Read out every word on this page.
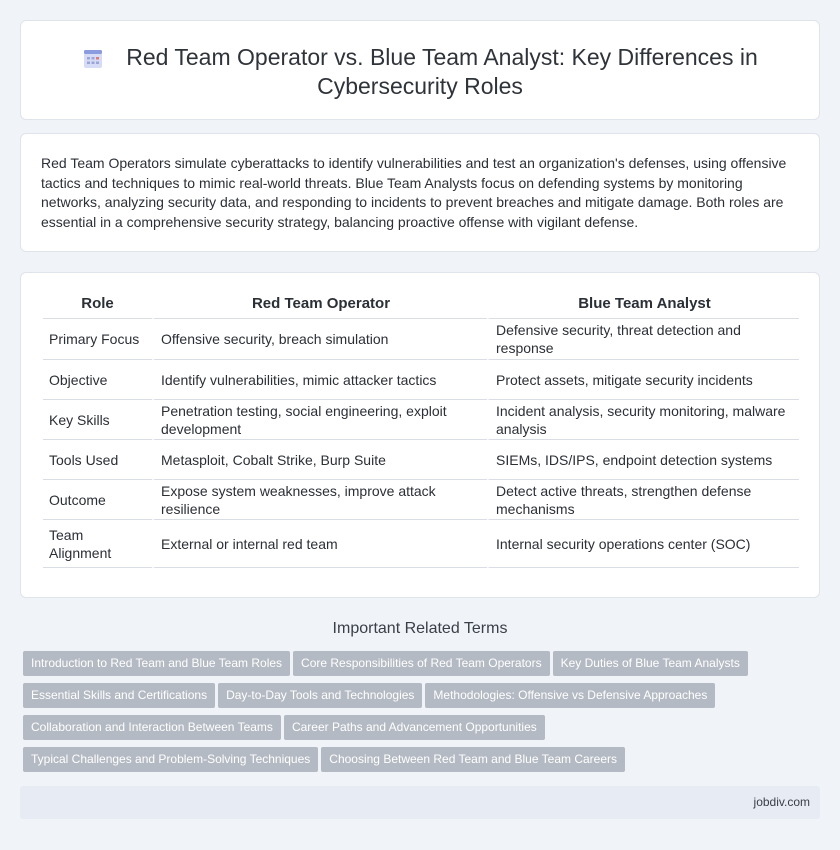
Red Team Operator vs. Blue Team Analyst: Key Differences in
Cybersecurity Roles

Red Team Operators simulate cyberattacks to identify vulnerabilities and test an organization's defenses, using offensive tactics and techniques to mimic real-world threats. Blue Team Analysts focus on defending systems by monitoring networks, analyzing security data, and responding to incidents to prevent breaches and mitigate damage. Both roles are essential in a comprehensive security strategy, balancing proactive offense with vigilant defense.

Role	Red Team Operator	Blue Team Analyst
Primary Focus	Offensive security, breach simulation	Defensive security, threat detection and response
Objective	Identify vulnerabilities, mimic attacker tactics	Protect assets, mitigate security incidents
Key Skills	Penetration testing, social engineering, exploit development	Incident analysis, security monitoring, malware analysis
Tools Used	Metasploit, Cobalt Strike, Burp Suite	SIEMs, IDS/IPS, endpoint detection systems
Outcome	Expose system weaknesses, improve attack resilience	Detect active threats, strengthen defense mechanisms
Team Alignment	External or internal red team	Internal security operations center (SOC)
Important Related Terms
Introduction to Red Team and Blue Team Roles Core Responsibilities of Red Team Operators Key Duties of Blue Team Analysts
Essential Skills and Certifications Day-to-Day Tools and Technologies Methodologies: Offensive vs Defensive Approaches
Collaboration and Interaction Between Teams Career Paths and Advancement Opportunities
Typical Challenges and Problem-Solving Techniques Choosing Between Red Team and Blue Team Careers
jobdiv.com
